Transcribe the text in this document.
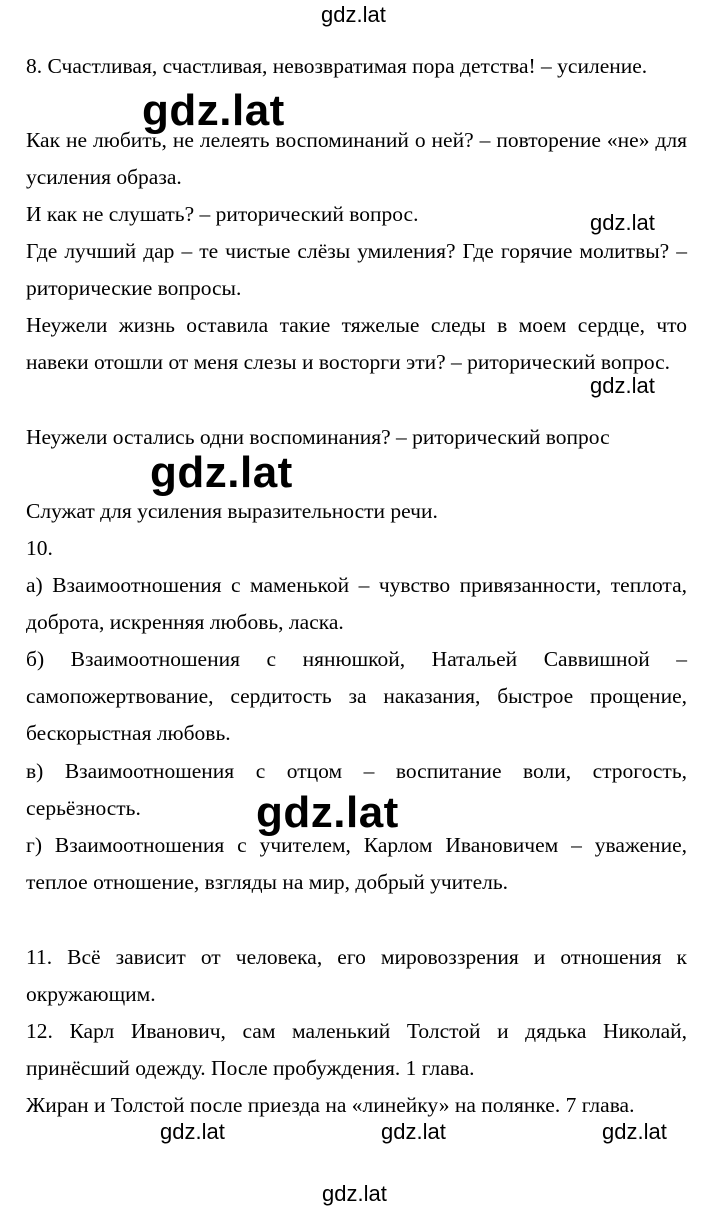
8. Счастливая, счастливая, невозвратимая пора детства! – усиление.

Как не любить, не лелеять воспоминаний о ней? – повторение «не» для усиления образа.

И как не слушать? – риторический вопрос.

Где лучший дар – те чистые слёзы умиления? Где горячие молитвы? – риторические вопросы.

Неужели жизнь оставила такие тяжелые следы в моем сердце, что навеки отошли от меня слезы и восторги эти? – риторический вопрос.

Неужели остались одни воспоминания? – риторический вопрос

Служат для усиления выразительности речи.

10.

а) Взаимоотношения с маменькой – чувство привязанности, теплота, доброта, искренняя любовь, ласка.

б) Взаимоотношения с нянюшкой, Натальей Саввишной – самопожертвование, сердитость за наказания, быстрое прощение, бескорыстная любовь.

в) Взаимоотношения с отцом – воспитание воли, строгость, серьёзность.

г) Взаимоотношения с учителем, Карлом Ивановичем – уважение, теплое отношение, взгляды на мир, добрый учитель.

11. Всё зависит от человека, его мировоззрения и отношения к окружающим.

12. Карл Иванович, сам маленький Толстой и дядька Николай, принёсший одежду. После пробуждения. 1 глава.

Жиран и Толстой после приезда на «линейку» на полянке. 7 глава.

gdz.lat
gdz.lat
gdz.lat
gdz.lat
gdz.lat
gdz.lat
gdz.lat	gdz.lat	gdz.lat
gdz.lat
